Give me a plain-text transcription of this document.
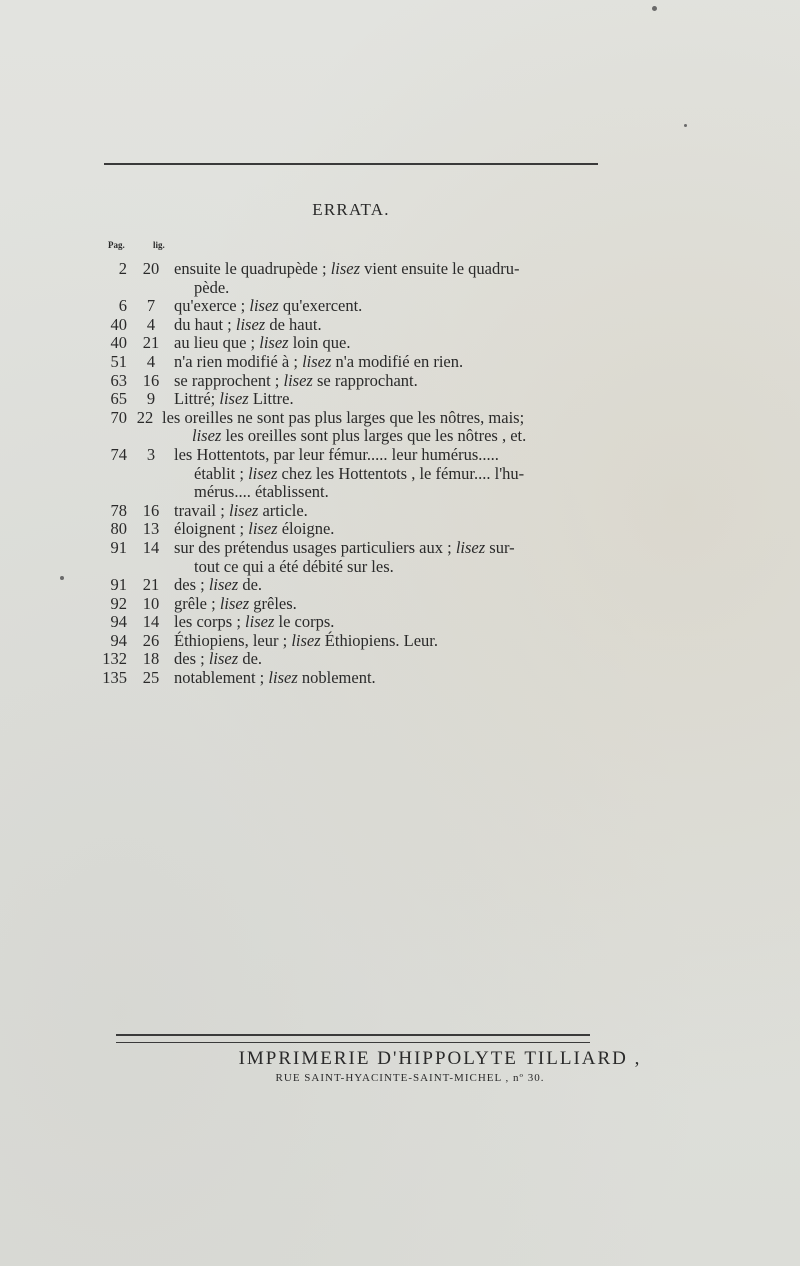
ERRATA.
Pag.	lig.
2 20 ensuite le quadrupède ; lisez vient ensuite le quadru-
pède.
6	7	qu'exerce ; lisez qu'exercent.
40	4	du haut ; lisez de haut.
40 21 au lieu que ; lisez loin que.
51	4	n'a rien modifié à ; lisez n'a modifié en rien.
63 16 se rapprochent ; lisez se rapprochant.
65	9	Littré; lisez Littre.
70 22 les oreilles ne sont pas plus larges que les nôtres, mais;
lisez les oreilles sont plus larges que les nôtres , et.
74	3	les Hottentots, par leur fémur..... leur humérus.....
établit ; lisez chez les Hottentots , le fémur.... l'hu-
mérus.... établissent.
78 16 travail ; lisez article.
80 13 éloignent ; lisez éloigne.
91 14 sur des prétendus usages particuliers aux ; lisez sur-
tout ce qui a été débité sur les.
91 21 des ; lisez de.
92 10 grêle ; lisez grêles.
94 14 les corps ; lisez le corps.
94 26 Éthiopiens, leur ; lisez Éthiopiens. Leur.
132 18 des ; lisez de.
135 25 notablement ; lisez noblement.
IMPRIMERIE D'HIPPOLYTE TILLIARD ,
RUE SAINT-HYACINTE-SAINT-MICHEL , nº 30.
